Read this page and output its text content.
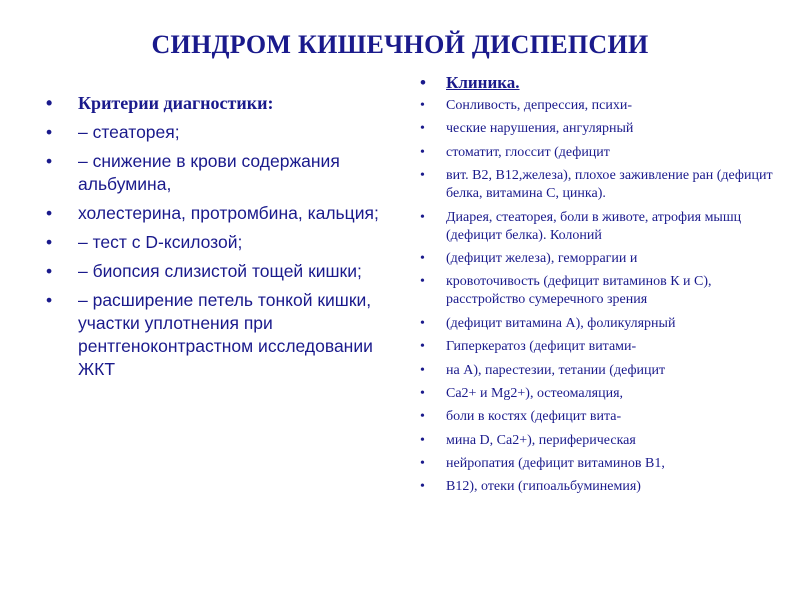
СИНДРОМ КИШЕЧНОЙ ДИСПЕПСИИ
• Критерии диагностики:
• – стеаторея;
• – снижение в крови содержания альбумина,
• холестерина, протромбина, кальция;
• – тест с D-ксилозой;
• – биопсия слизистой тощей кишки;
• – расширение петель тонкой кишки, участки уплотнения при рентгеноконтрастном исследовании ЖКТ
• Клиника.
• Сонливость, депрессия, психи-
• ческие нарушения, ангулярный
• стоматит, глоссит (дефицит
• вит. В2, В12,железа), плохое заживление ран (дефицит белка, витамина С, цинка).
• Диарея, стеаторея, боли в животе, атрофия мышц (дефицит белка). Колоний
• (дефицит железа), геморрагии и
• кровоточивость (дефицит витаминов К и С), расстройство сумеречного зрения
• (дефицит витамина А), фоликулярный
• Гиперкератоз (дефицит витами-
• на А), парестезии, тетании (дефицит
• Са2+ и Mg2+), остеомаляция,
• боли в костях (дефицит вита-
• мина D, Ca2+), периферическая
• нейропатия (дефицит витаминов В1,
• В12), отеки (гипоальбуминемия)
